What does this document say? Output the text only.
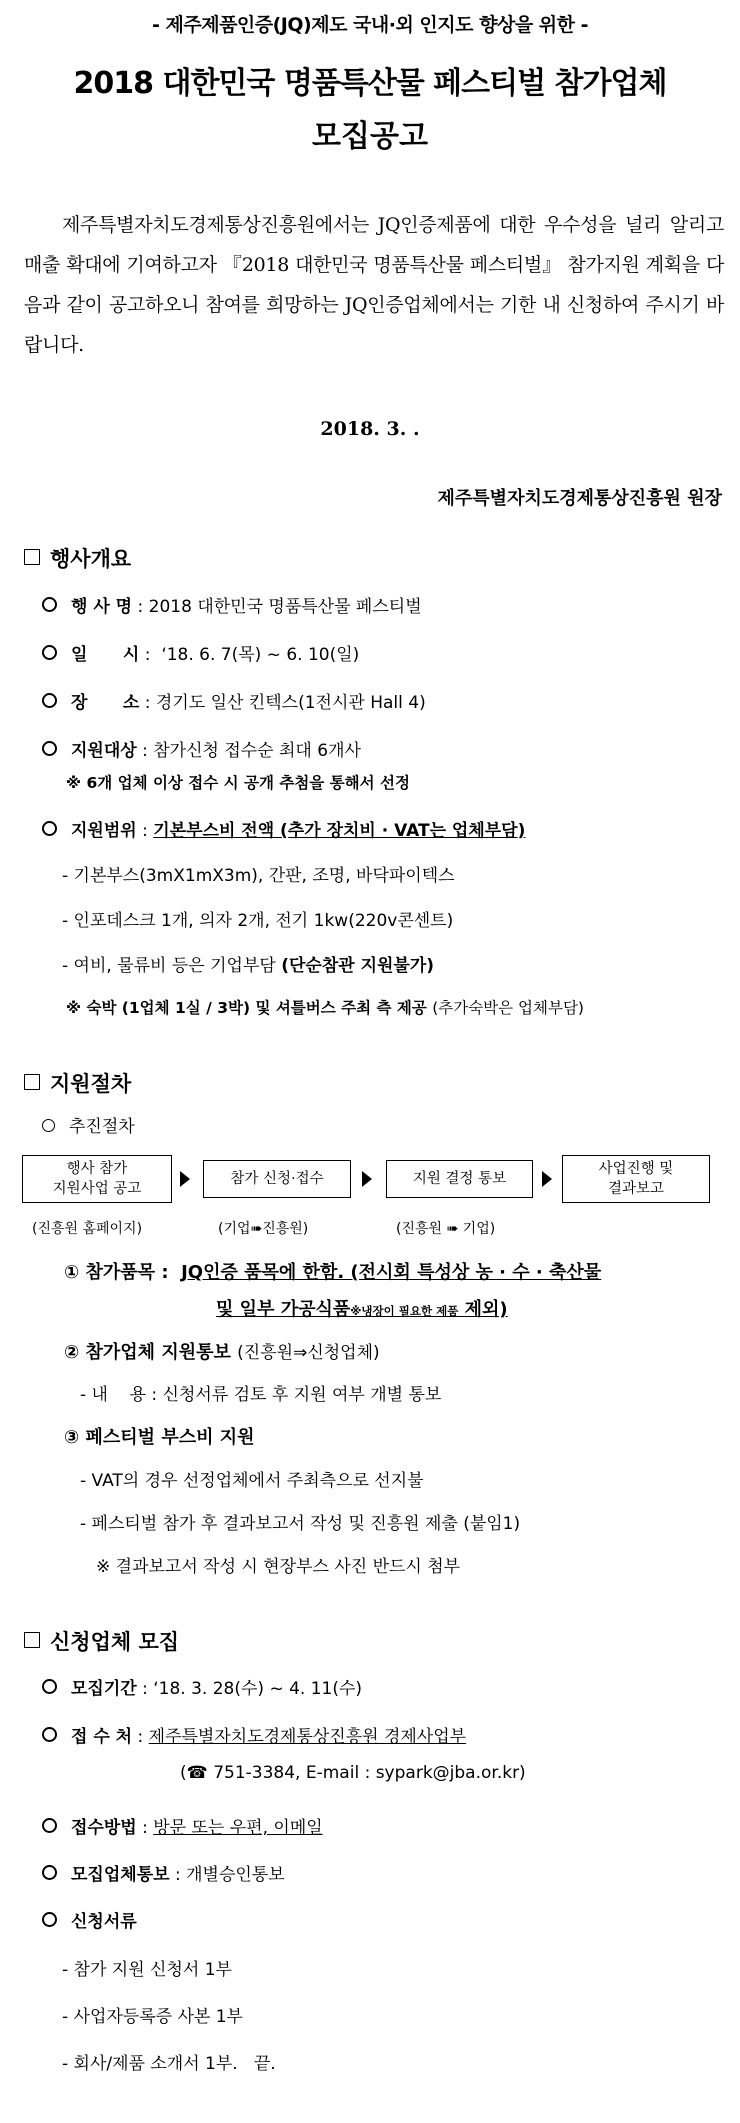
- 제주제품인증(JQ)제도 국내·외 인지도 향상을 위한 -
2018 대한민국 명품특산물 페스티벌 참가업체
모집공고
제주특별자치도경제통상진흥원에서는 JQ인증제품에 대한 우수성을 널리 알리고 매출 확대에 기여하고자 『2018 대한민국 명품특산물 페스티벌』 참가지원 계획을 다음과 같이 공고하오니 참여를 희망하는 JQ인증업체에서는 기한 내 신청하여 주시기 바랍니다.
2018. 3. .
제주특별자치도경제통상진흥원 원장
행사개요
행 사 명 : 2018 대한민국 명품특산물 페스티벌
일      시 :  ‘18. 6. 7(목) ~ 6. 10(일)
장      소 : 경기도 일산 킨텍스(1전시관 Hall 4)
지원대상 : 참가신청 접수순 최대 6개사
※ 6개 업체 이상 접수 시 공개 추첨을 통해서 선정
지원범위 : 기본부스비 전액 (추가 장치비 · VAT는 업체부담)
- 기본부스(3mX1mX3m), 간판, 조명, 바닥파이텍스
- 인포데스크 1개, 의자 2개, 전기 1kw(220v콘센트)
- 여비, 물류비 등은 기업부담 (단순참관 지원불가)
※ 숙박 (1업체 1실 / 3박) 및 셔틀버스 주최 측 제공 (추가숙박은 업체부담)
지원절차
추진절차
행사 참가
지원사업 공고
참가 신청·접수	지원 결정 통보
사업진행 및
결과보고
(진흥원 홈페이지)	(기업➠진흥원)	(진흥원 ➠ 기업)
① 참가품목 : JQ인증 품목에 한함. (전시회 특성상 농 · 수 · 축산물
및 일부 가공식품※냉장이 필요한 제품 제외)
② 참가업체 지원통보 (진흥원⇒신청업체)
- 내    용 : 신청서류 검토 후 지원 여부 개별 통보
③ 페스티벌 부스비 지원
- VAT의 경우 선정업체에서 주최측으로 선지불
- 페스티벌 참가 후 결과보고서 작성 및 진흥원 제출 (붙임1)
※ 결과보고서 작성 시 현장부스 사진 반드시 첨부
신청업체 모집
모집기간 : ‘18. 3. 28(수) ~ 4. 11(수)
접 수 처 : 제주특별자치도경제통상진흥원 경제사업부
(☎ 751-3384, E-mail : sypark@jba.or.kr)
접수방법 : 방문 또는 우편, 이메일
모집업체통보 : 개별승인통보
신청서류
- 참가 지원 신청서 1부
- 사업자등록증 사본 1부
- 회사/제품 소개서 1부.   끝.
